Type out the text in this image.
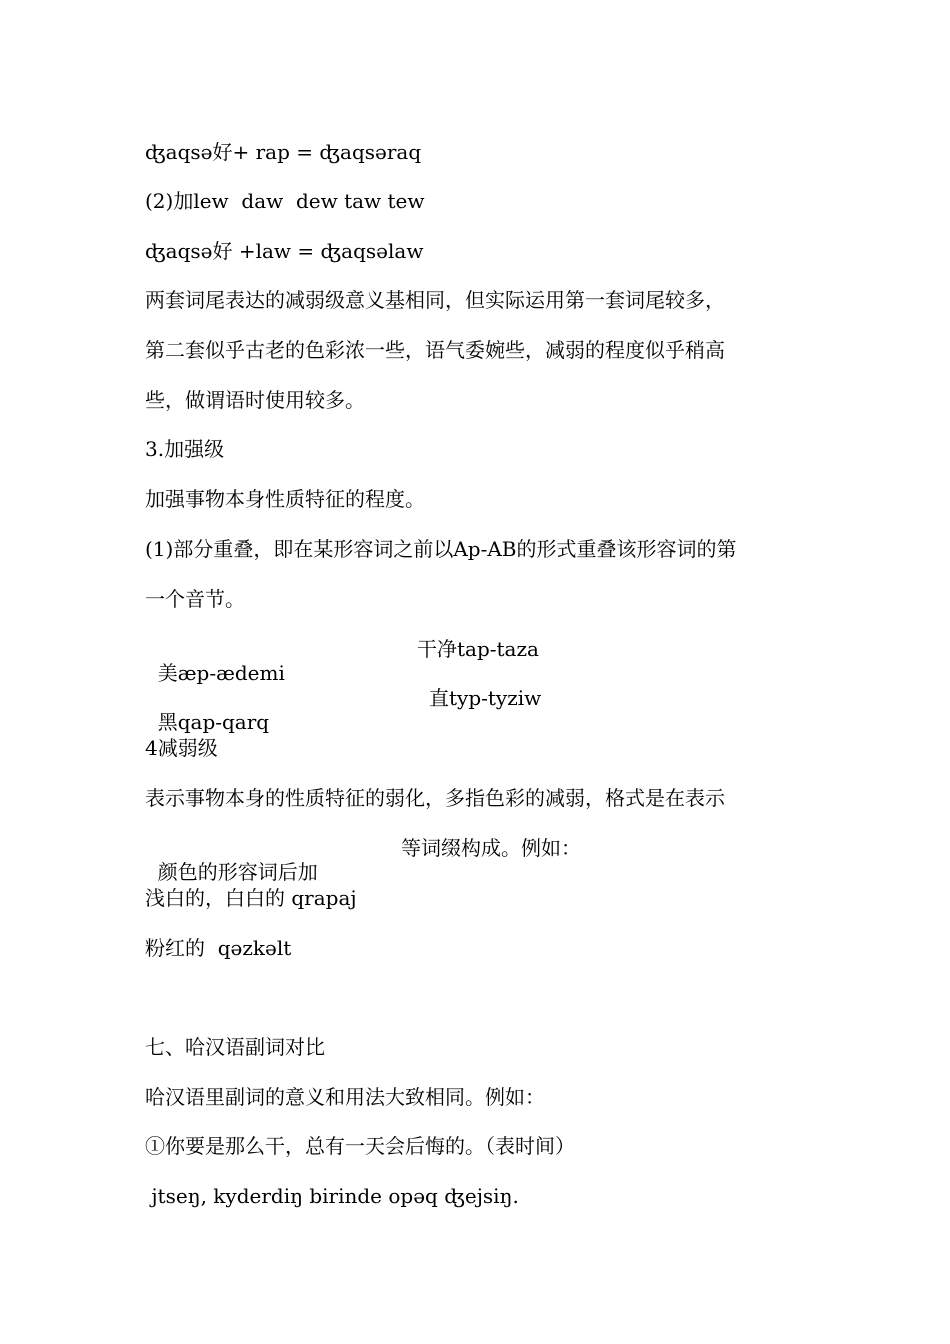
ʤaqsə好+ rap = ʤaqsəraq
(2)加lew  daw  dew taw tew
ʤaqsə好 +law = ʤaqsəlaw
两套词尾表达的减弱级意义基相同，但实际运用第一套词尾较多，
第二套似乎古老的色彩浓一些，语气委婉些，减弱的程度似乎稍高
些，做谓语时使用较多。
3.加强级
加强事物本身性质特征的程度。
(1)部分重叠，即在某形容词之前以Ap-AB的形式重叠该形容词的第
一个音节。

美æp-ædemi

干净tap-taza

黑qap-qarq

直typ-tyziw
4减弱级
表示事物本身的性质特征的弱化，多指色彩的减弱，格式是在表示

颜色的形容词后加

等词缀构成。例如：
浅白的，白白的 qrapaj
粉红的  qəzkəlt
七、哈汉语副词对比
哈汉语里副词的意义和用法大致相同。例如：
①你要是那么干，总有一天会后悔的。（表时间）
jtseŋ, kyderdiŋ birinde opəq ʤejsiŋ.
